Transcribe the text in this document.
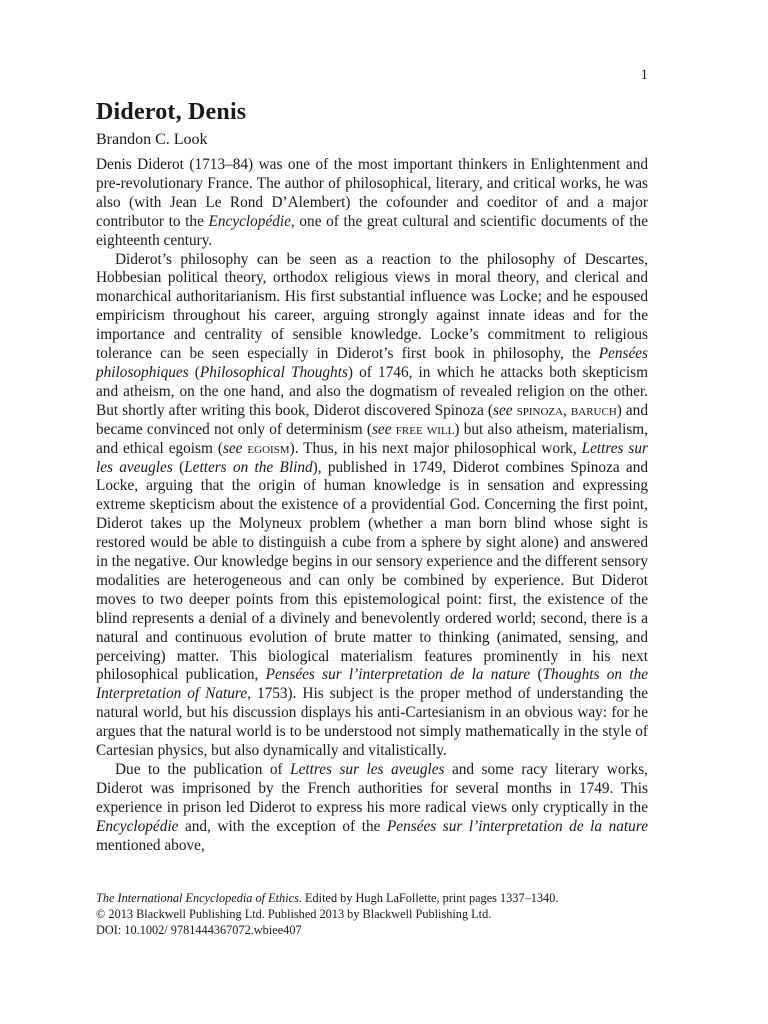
1
Diderot, Denis
Brandon C. Look

Denis Diderot (1713–84) was one of the most important thinkers in Enlightenment and pre-revolutionary France. The author of philosophical, literary, and critical works, he was also (with Jean Le Rond D’Alembert) the cofounder and coeditor of and a major contributor to the Encyclopédie, one of the great cultural and scientific documents of the eighteenth century.

Diderot’s philosophy can be seen as a reaction to the philosophy of Descartes, Hobbesian political theory, orthodox religious views in moral theory, and clerical and monarchical authoritarianism. His first substantial influence was Locke; and he espoused empiricism throughout his career, arguing strongly against innate ideas and for the importance and centrality of sensible knowledge. Locke’s commitment to religious tolerance can be seen especially in Diderot’s first book in philosophy, the Pensées philosophiques (Philosophical Thoughts) of 1746, in which he attacks both skepticism and atheism, on the one hand, and also the dogmatism of revealed religion on the other. But shortly after writing this book, Diderot discovered Spinoza (see spinoza, baruch) and became convinced not only of determinism (see free will) but also atheism, materialism, and ethical egoism (see egoism). Thus, in his next major philosophical work, Lettres sur les aveugles (Letters on the Blind), published in 1749, Diderot combines Spinoza and Locke, arguing that the origin of human knowledge is in sensation and expressing extreme skepticism about the existence of a providential God. Concerning the first point, Diderot takes up the Molyneux problem (whether a man born blind whose sight is restored would be able to distinguish a cube from a sphere by sight alone) and answered in the negative. Our knowledge begins in our sensory experience and the different sensory modalities are heterogeneous and can only be combined by experience. But Diderot moves to two deeper points from this epistemological point: first, the existence of the blind represents a denial of a divinely and benevolently ordered world; second, there is a natural and continuous evolution of brute matter to thinking (animated, sensing, and perceiving) matter. This biological materialism features prominently in his next philosophical publication, Pensées sur l’interpretation de la nature (Thoughts on the Interpretation of Nature, 1753). His subject is the proper method of understanding the natural world, but his discussion displays his anti-Cartesianism in an obvious way: for he argues that the natural world is to be understood not simply mathematically in the style of Cartesian physics, but also dynamically and vitalistically.

Due to the publication of Lettres sur les aveugles and some racy literary works, Diderot was imprisoned by the French authorities for several months in 1749. This experience in prison led Diderot to express his more radical views only cryptically in the Encyclopédie and, with the exception of the Pensées sur l’interpretation de la nature mentioned above,

The International Encyclopedia of Ethics. Edited by Hugh LaFollette, print pages 1337–1340.
© 2013 Blackwell Publishing Ltd. Published 2013 by Blackwell Publishing Ltd.
DOI: 10.1002/ 9781444367072.wbiee407
